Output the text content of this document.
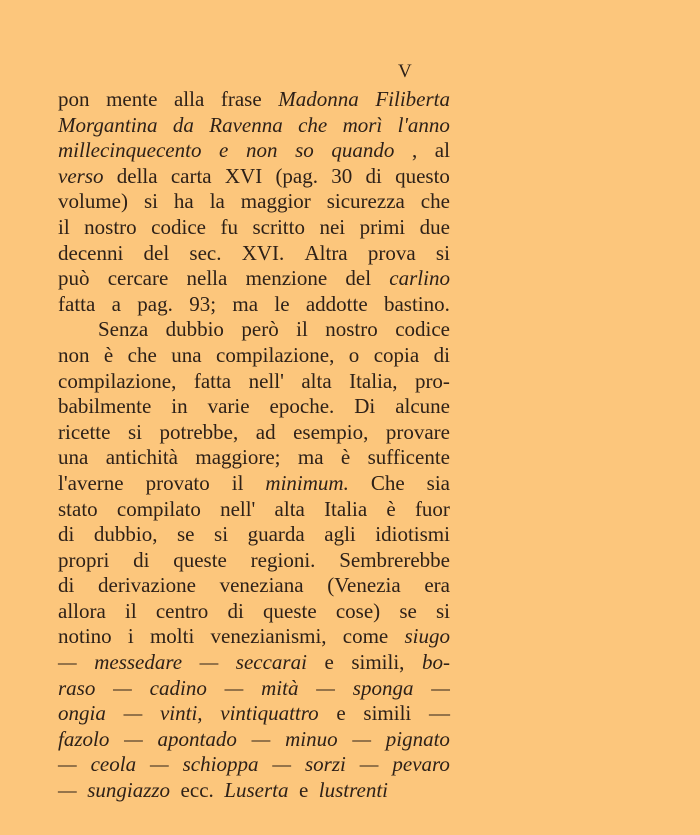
V
pon mente alla frase Madonna Filiberta
Morgantina da Ravenna che morì l'anno
millecinquecento e non so quando , al
verso della carta XVI (pag. 30 di questo
volume) si ha la maggior sicurezza che
il nostro codice fu scritto nei primi due
decenni del sec. XVI. Altra prova si
può cercare nella menzione del carlino
fatta a pag. 93; ma le addotte bastino.
Senza dubbio però il nostro codice
non è che una compilazione, o copia di
compilazione, fatta nell' alta Italia, pro-
babilmente in varie epoche. Di alcune
ricette si potrebbe, ad esempio, provare
una antichità maggiore; ma è sufficente
l'averne provato il minimum. Che sia
stato compilato nell' alta Italia è fuor
di dubbio, se si guarda agli idiotismi
propri di queste regioni. Sembrerebbe
di derivazione veneziana (Venezia era
allora il centro di queste cose) se si
notino i molti venezianismi, come siugo
— messedare — seccarai e simili, bo-
raso — cadino — mità — sponga —
ongia — vinti, vintiquattro e simili —
fazolo — apontado — minuo — pignato
— ceola — schioppa — sorzi — pevaro
—
sungiazzo
ecc.
Luserta
e
lustrenti
